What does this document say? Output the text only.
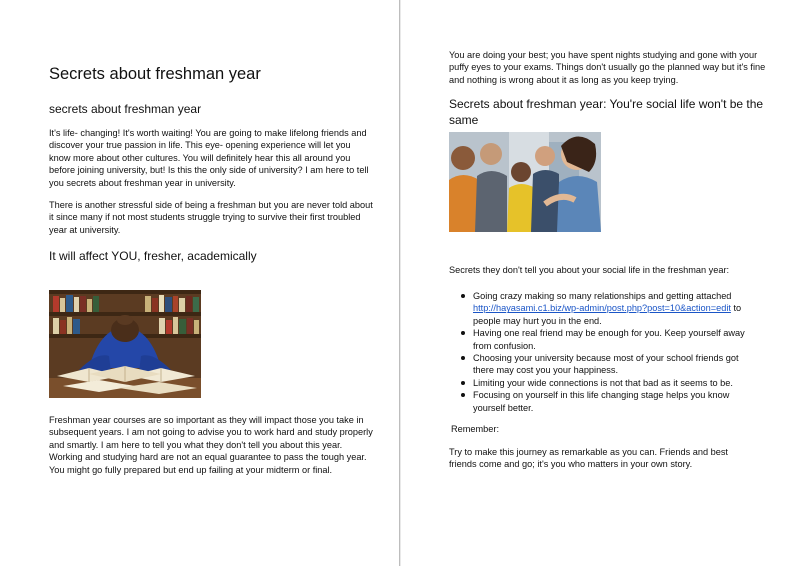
Secrets about freshman year
secrets about freshman year

It's life- changing! It's worth waiting! You are going to make lifelong friends and discover your true passion in life. This eye- opening experience will let you know more about other cultures. You will definitely hear this all around you before joining university, but! Is this the only side of university? I am here to tell you secrets about freshman year in university.

There is another stressful side of being a freshman but you are never told about it since many if not most students struggle trying to survive their first troubled year at university.

It will affect YOU, fresher, academically

Freshman year courses are so important as they will impact those you take in subsequent years. I am not going to advise you to work hard and study properly and smartly. I am here to tell you what they don't tell you about this year. Working and studying hard are not an equal guarantee to pass the tough year. You might go fully prepared but end up failing at your midterm or final.

You are doing your best; you have spent nights studying and gone with your puffy eyes to your exams. Things don't usually go the planned way but it's fine and nothing is wrong about it as long as you keep trying.

Secrets about freshman year: You're social life won't be the same

Secrets they don't tell you about your social life in the freshman year:

Going crazy making so many relationships and getting attached http://hayasami.c1.biz/wp-admin/post.php?post=10&action=edit to people may hurt you in the end.
Having one real friend may be enough for you. Keep yourself away from confusion.
Choosing your university because most of your school friends got there may cost you your happiness.
Limiting your wide connections is not that bad as it seems to be.
Focusing on yourself in this life changing stage helps you know yourself better.

Remember:

Try to make this journey as remarkable as you can. Friends and best friends come and go; it's you who matters in your own story.
